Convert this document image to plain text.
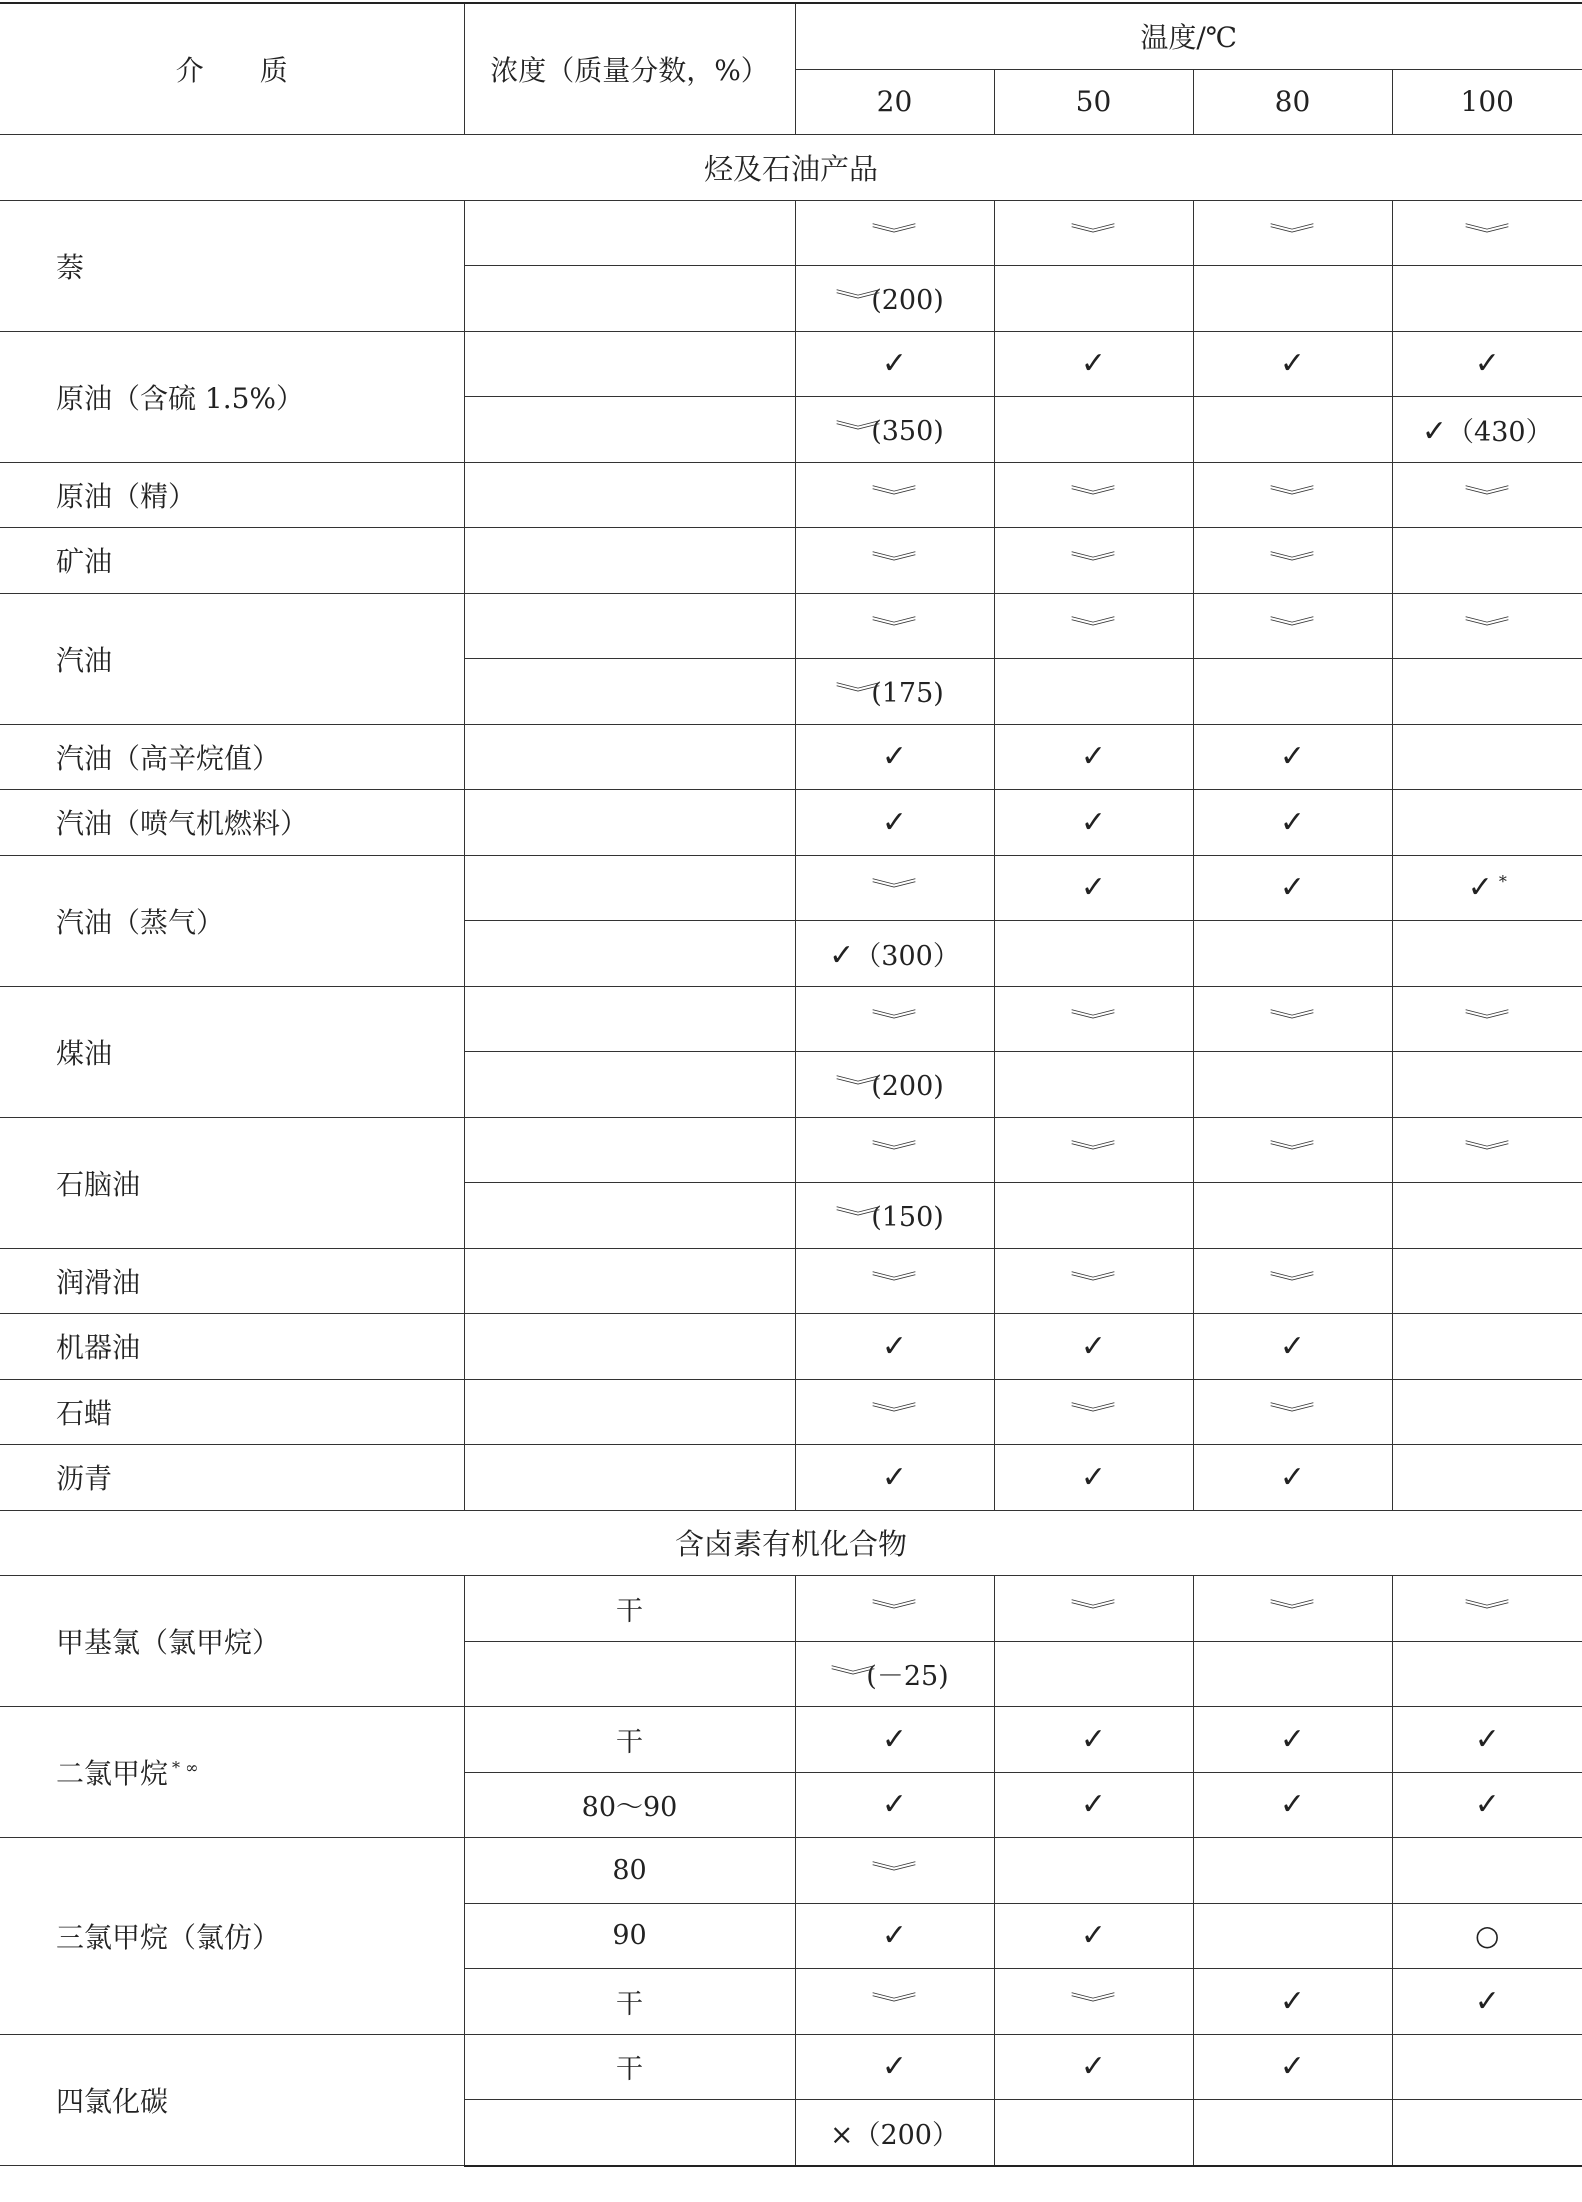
介　　质	浓度（质量分数，%）	温度/℃			
		20	50	80	100
烃及石油产品					
萘		︾	︾	︾	︾
		︾(200)			
原油（含硫 1.5%）		✓	✓	✓	✓
		︾(350)			✓（430）
原油（精）		︾	︾	︾	︾
矿油		︾	︾	︾	
汽油		︾	︾	︾	︾
		︾(175)			
汽油（高辛烷值）		✓	✓	✓	
汽油（喷气机燃料）		✓	✓	✓	
汽油（蒸气）		︾	✓	✓	✓ *
		✓（300）			
煤油		︾	︾	︾	︾
		︾(200)			
石脑油		︾	︾	︾	︾
		︾(150)			
润滑油		︾	︾	︾	
机器油		✓	✓	✓	
石蜡		︾	︾	︾	
沥青		✓	✓	✓	
含卤素有机化合物					
甲基氯（氯甲烷）	干	︾	︾	︾	︾
		︾(－25)			
二氯甲烷 * ∞	干	✓	✓	✓	✓
	80～90	✓	✓	✓	✓
三氯甲烷（氯仿）	80	︾			
	90	✓	✓		○
	干	︾	︾	✓	✓
四氯化碳	干	✓	✓	✓	
		×（200）			
